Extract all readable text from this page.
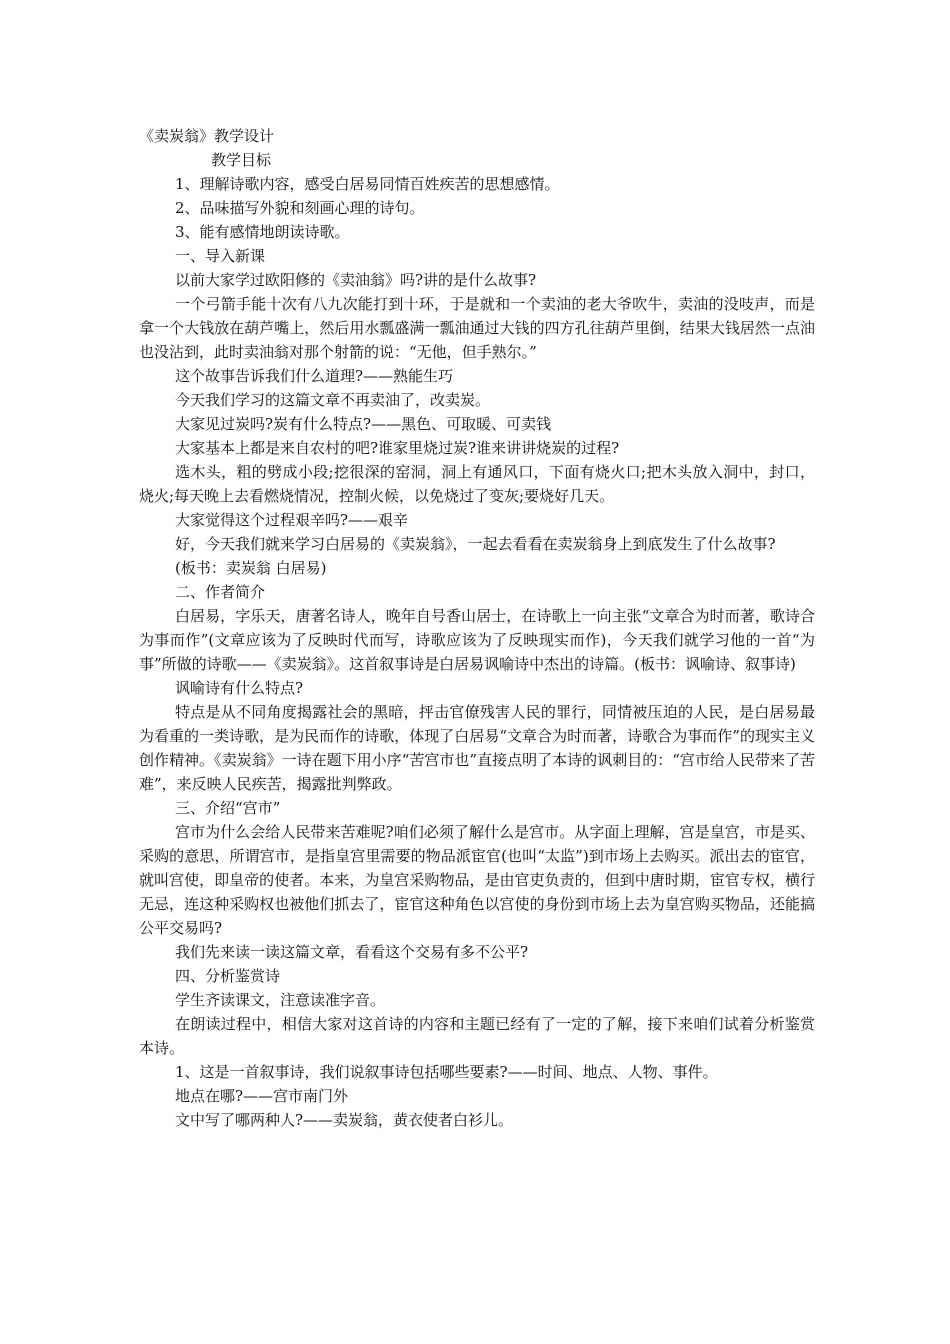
《卖炭翁》教学设计

教学目标

1、理解诗歌内容，感受白居易同情百姓疾苦的思想感情。

2、品味描写外貌和刻画心理的诗句。

3、能有感情地朗读诗歌。

一、导入新课

以前大家学过欧阳修的《卖油翁》吗?讲的是什么故事?

一个弓箭手能十次有八九次能打到十环，于是就和一个卖油的老大爷吹牛，卖油的没吱声，而是拿一个大钱放在葫芦嘴上，然后用水瓢盛满一瓢油通过大钱的四方孔往葫芦里倒，结果大钱居然一点油也没沾到，此时卖油翁对那个射箭的说：“无他，但手熟尔。”

这个故事告诉我们什么道理?——熟能生巧

今天我们学习的这篇文章不再卖油了，改卖炭。

大家见过炭吗?炭有什么特点?——黑色、可取暖、可卖钱

大家基本上都是来自农村的吧?谁家里烧过炭?谁来讲讲烧炭的过程?

选木头，粗的劈成小段;挖很深的窑洞，洞上有通风口，下面有烧火口;把木头放入洞中，封口，烧火;每天晚上去看燃烧情况，控制火候，以免烧过了变灰;要烧好几天。

大家觉得这个过程艰辛吗?——艰辛

好，今天我们就来学习白居易的《卖炭翁》，一起去看看在卖炭翁身上到底发生了什么故事?

(板书：卖炭翁 白居易)

二、作者简介

白居易，字乐天，唐著名诗人，晚年自号香山居士，在诗歌上一向主张“文章合为时而著，歌诗合为事而作”(文章应该为了反映时代而写，诗歌应该为了反映现实而作)，今天我们就学习他的一首“为事”所做的诗歌——《卖炭翁》。这首叙事诗是白居易讽喻诗中杰出的诗篇。(板书：讽喻诗、叙事诗)

讽喻诗有什么特点?

特点是从不同角度揭露社会的黑暗，抨击官僚残害人民的罪行，同情被压迫的人民，是白居易最为看重的一类诗歌，是为民而作的诗歌，体现了白居易“文章合为时而著，诗歌合为事而作”的现实主义创作精神。《卖炭翁》一诗在题下用小序“苦宫市也”直接点明了本诗的讽刺目的：“宫市给人民带来了苦难”，来反映人民疾苦，揭露批判弊政。

三、介绍“宫市”

宫市为什么会给人民带来苦难呢?咱们必须了解什么是宫市。从字面上理解，宫是皇宫，市是买、采购的意思，所谓宫市，是指皇宫里需要的物品派宦官(也叫“太监”)到市场上去购买。派出去的宦官，就叫宫使，即皇帝的使者。本来，为皇宫采购物品，是由官吏负责的，但到中唐时期，宦官专权，横行无忌，连这种采购权也被他们抓去了，宦官这种角色以宫使的身份到市场上去为皇宫购买物品，还能搞公平交易吗?

我们先来读一读这篇文章，看看这个交易有多不公平?

四、分析鉴赏诗

学生齐读课文，注意读准字音。

在朗读过程中，相信大家对这首诗的内容和主题已经有了一定的了解，接下来咱们试着分析鉴赏本诗。

1、这是一首叙事诗，我们说叙事诗包括哪些要素?——时间、地点、人物、事件。

地点在哪?——宫市南门外

文中写了哪两种人?——卖炭翁，黄衣使者白衫儿。
